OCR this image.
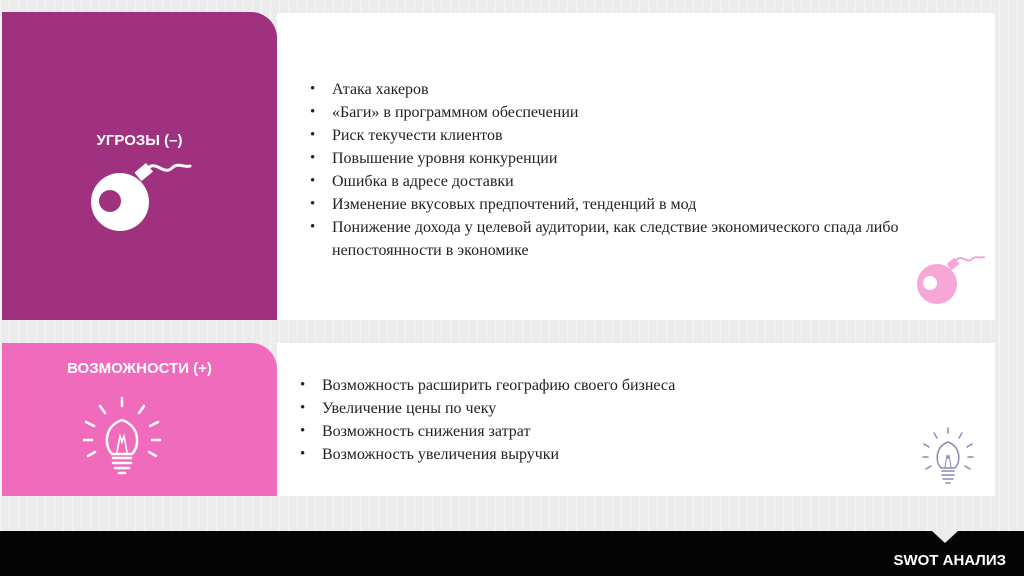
УГРОЗЫ (–)
• Атака хакеров
• «Баги» в программном обеспечении
• Риск текучести клиентов
• Повышение уровня конкуренции
• Ошибка в адресе доставки
• Изменение вкусовых предпочтений, тенденций в мод
• Понижение дохода у целевой аудитории, как следствие экономического спада либо непостоянности в экономике
ВОЗМОЖНОСТИ (+)
• Возможность расширить географию своего бизнеса
• Увеличение цены по чеку
• Возможность снижения затрат
• Возможность увеличения выручки
SWOT АНАЛИЗ
